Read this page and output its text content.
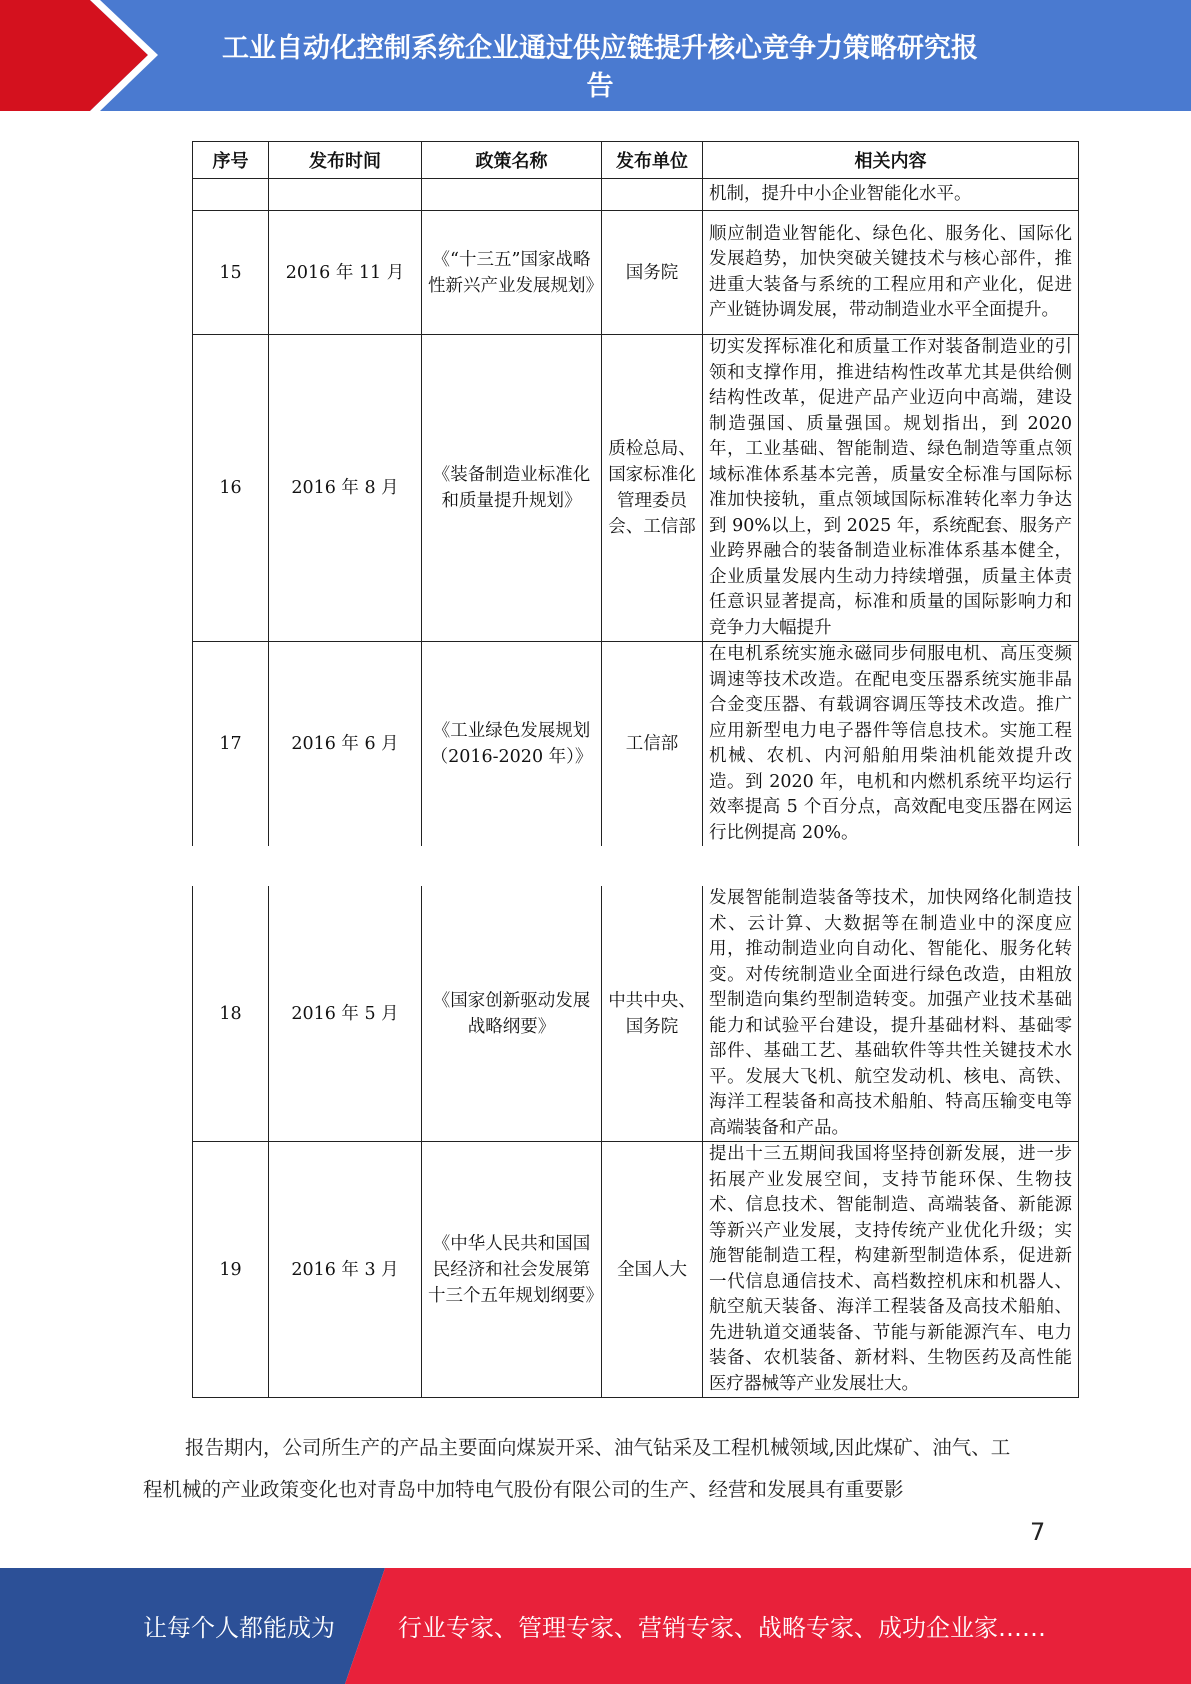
工业自动化控制系统企业通过供应链提升核心竞争力策略研究报
告
序号	发布时间	政策名称	发布单位	相关内容
				机制，提升中小企业智能化水平。
15	2016 年 11 月	《“十三五”国家战略性新兴产业发展规划》	国务院	顺应制造业智能化、绿色化、服务化、国际化发展趋势，加快突破关键技术与核心部件，推进重大装备与系统的工程应用和产业化，促进产业链协调发展，带动制造业水平全面提升。
16	2016 年 8 月	《装备制造业标准化和质量提升规划》	质检总局、国家标准化管理委员会、工信部	切实发挥标准化和质量工作对装备制造业的引领和支撑作用，推进结构性改革尤其是供给侧结构性改革，促进产品产业迈向中高端，建设制造强国、质量强国。规划指出，到 2020 年，工业基础、智能制造、绿色制造等重点领域标准体系基本完善，质量安全标准与国际标准加快接轨，重点领域国际标准转化率力争达到 90%以上，到 2025 年，系统配套、服务产业跨界融合的装备制造业标准体系基本健全，企业质量发展内生动力持续增强，质量主体责任意识显著提高，标准和质量的国际影响力和竞争力大幅提升
17	2016 年 6 月	《工业绿色发展规划（2016-2020 年）》	工信部	在电机系统实施永磁同步伺服电机、高压变频调速等技术改造。在配电变压器系统实施非晶合金变压器、有载调容调压等技术改造。推广应用新型电力电子器件等信息技术。实施工程机械、农机、内河船舶用柴油机能效提升改造。到 2020 年，电机和内燃机系统平均运行效率提高 5 个百分点，高效配电变压器在网运行比例提高 20%。
18	2016 年 5 月	《国家创新驱动发展战略纲要》	中共中央、国务院	发展智能制造装备等技术，加快网络化制造技术、云计算、大数据等在制造业中的深度应用，推动制造业向自动化、智能化、服务化转变。对传统制造业全面进行绿色改造，由粗放型制造向集约型制造转变。加强产业技术基础能力和试验平台建设，提升基础材料、基础零部件、基础工艺、基础软件等共性关键技术水平。发展大飞机、航空发动机、核电、高铁、海洋工程装备和高技术船舶、特高压输变电等高端装备和产品。
19	2016 年 3 月	《中华人民共和国国民经济和社会发展第十三个五年规划纲要》	全国人大	提出十三五期间我国将坚持创新发展，进一步拓展产业发展空间，支持节能环保、生物技术、信息技术、智能制造、高端装备、新能源等新兴产业发展，支持传统产业优化升级；实施智能制造工程，构建新型制造体系，促进新一代信息通信技术、高档数控机床和机器人、航空航天装备、海洋工程装备及高技术船舶、先进轨道交通装备、节能与新能源汽车、电力装备、农机装备、新材料、生物医药及高性能医疗器械等产业发展壮大。
报告期内，公司所生产的产品主要面向煤炭开采、油气钻采及工程机械领域,因此煤矿、油气、工程机械的产业政策变化也对青岛中加特电气股份有限公司的生产、经营和发展具有重要影
7
让每个人都能成为	行业专家、管理专家、营销专家、战略专家、成功企业家……
